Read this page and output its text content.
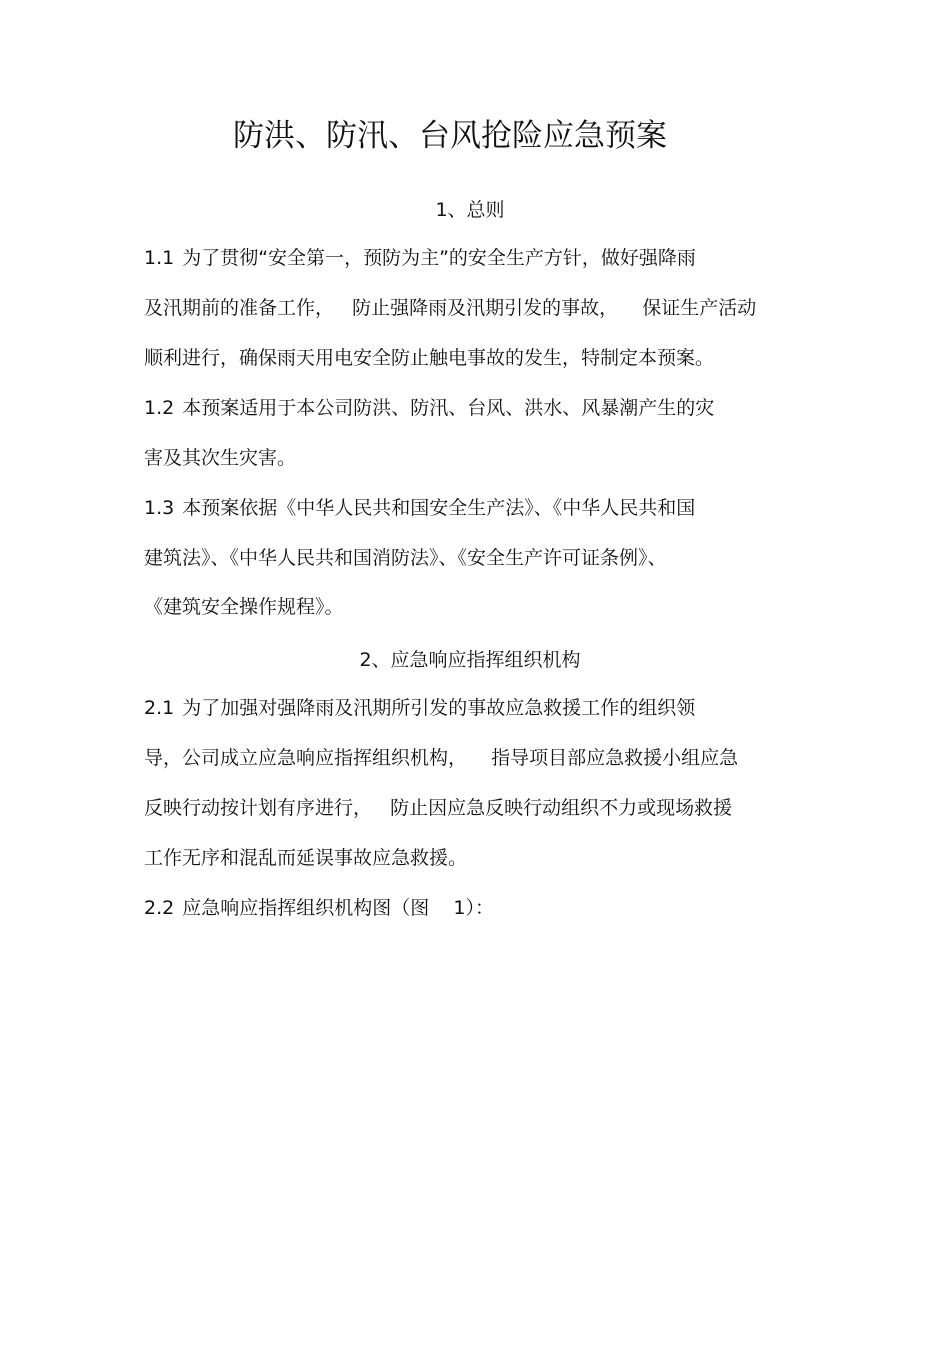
防洪、防汛、台风抢险应急预案
1、总则

1.1 为了贯彻“安全第一，预防为主”的安全生产方针，做好强降雨

及汛期前的准备工作，   防止强降雨及汛期引发的事故，    保证生产活动

顺利进行，确保雨天用电安全防止触电事故的发生，特制定本预案。

1.2 本预案适用于本公司防洪、防汛、台风、洪水、风暴潮产生的灾

害及其次生灾害。

1.3 本预案依据《中华人民共和国安全生产法》、《中华人民共和国

建筑法》、《中华人民共和国消防法》、《安全生产许可证条例》、

《建筑安全操作规程》。

2、应急响应指挥组织机构

2.1 为了加强对强降雨及汛期所引发的事故应急救援工作的组织领

导，公司成立应急响应指挥组织机构，    指导项目部应急救援小组应急

反映行动按计划有序进行，   防止因应急反映行动组织不力或现场救援

工作无序和混乱而延误事故应急救援。

2.2 应急响应指挥组织机构图（图    1）：
